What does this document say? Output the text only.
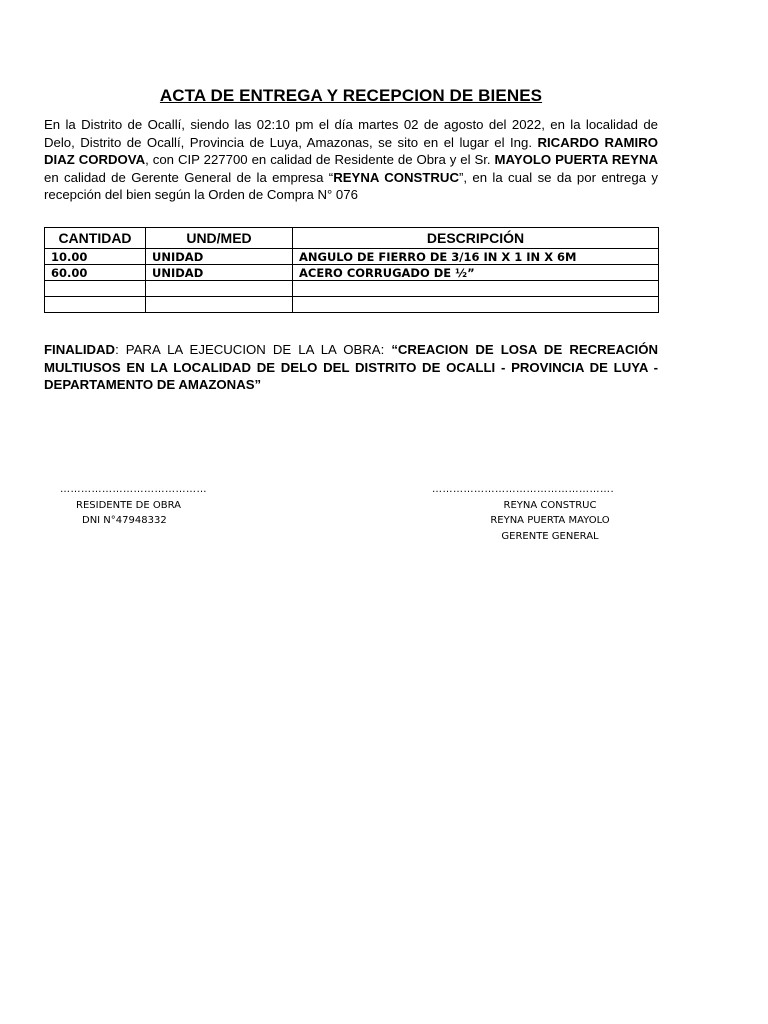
ACTA DE ENTREGA Y RECEPCION DE BIENES

En la Distrito de Ocallí, siendo las 02:10 pm el día martes 02 de agosto del 2022, en la localidad de Delo, Distrito de Ocallí, Provincia de Luya, Amazonas, se sito en el lugar el Ing. RICARDO RAMIRO DIAZ CORDOVA, con CIP 227700 en calidad de Residente de Obra y el Sr. MAYOLO PUERTA REYNA en calidad de Gerente General de la empresa “REYNA CONSTRUC”, en la cual se da por entrega y recepción del bien según la Orden de Compra N° 076

CANTIDAD	UND/MED	DESCRIPCIÓN
10.00	UNIDAD	ANGULO DE FIERRO DE 3/16 IN X 1 IN X 6M
60.00	UNIDAD	ACERO CORRUGADO DE ½”

FINALIDAD: PARA LA EJECUCION DE LA LA OBRA: “CREACION DE LOSA DE RECREACIÓN MULTIUSOS EN LA LOCALIDAD DE DELO DEL DISTRITO DE OCALLI - PROVINCIA DE LUYA - DEPARTAMENTO DE AMAZONAS”

……………………………………
RESIDENTE DE OBRA
DNI N°47948332
…………………………………………….
REYNA CONSTRUC
REYNA PUERTA MAYOLO
GERENTE GENERAL
